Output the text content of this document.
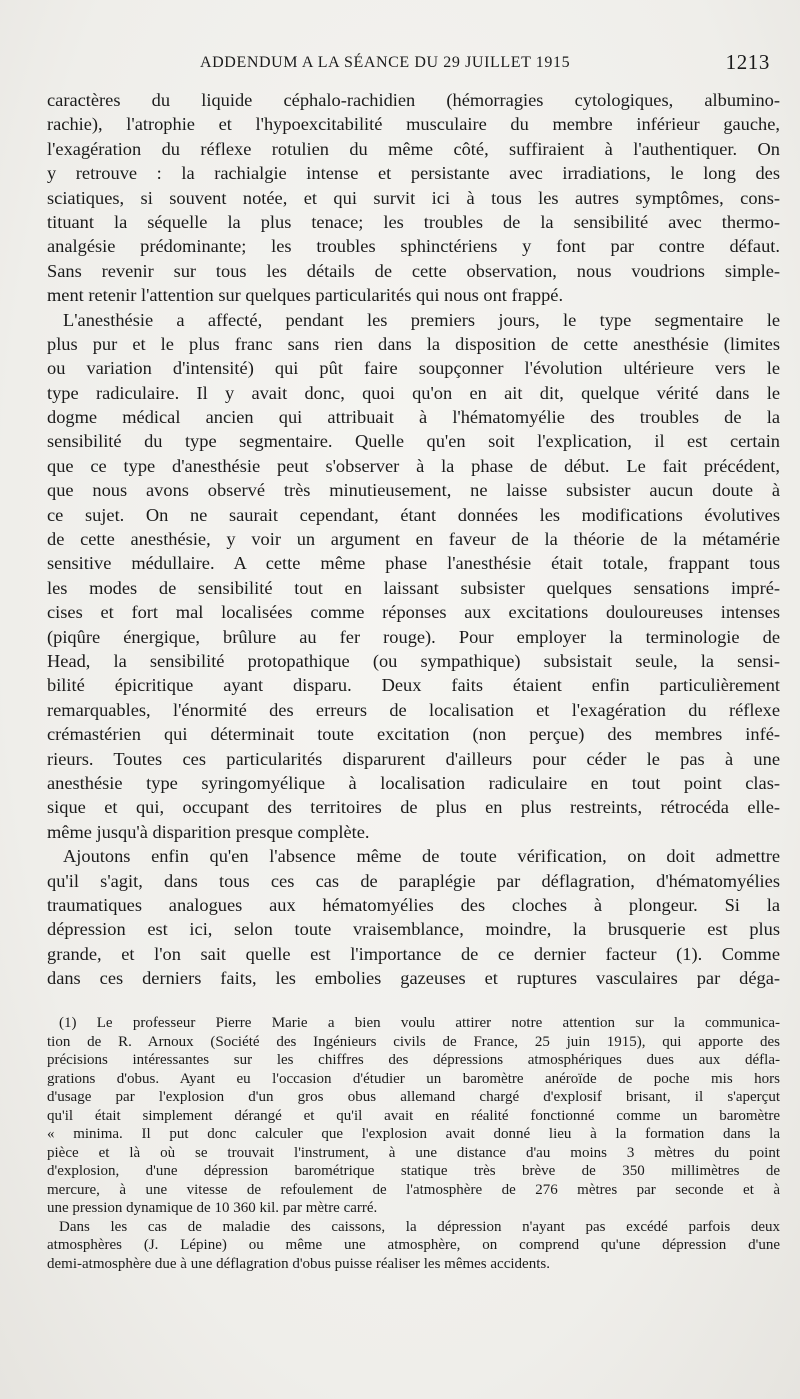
ADDENDUM A LA SÉANCE DU 29 JUILLET 1915	1213
caractères du liquide céphalo-rachidien (hémorragies cytologiques, albumino-
rachie), l'atrophie et l'hypoexcitabilité musculaire du membre inférieur gauche,
l'exagération du réflexe rotulien du même côté, suffiraient à l'authentiquer. On
y retrouve : la rachialgie intense et persistante avec irradiations, le long des
sciatiques, si souvent notée, et qui survit ici à tous les autres symptômes, cons-
tituant la séquelle la plus tenace; les troubles de la sensibilité avec thermo-
analgésie prédominante; les troubles sphinctériens y font par contre défaut.
Sans revenir sur tous les détails de cette observation, nous voudrions simple-
ment retenir l'attention sur quelques particularités qui nous ont frappé.
L'anesthésie a affecté, pendant les premiers jours, le type segmentaire le
plus pur et le plus franc sans rien dans la disposition de cette anesthésie (limites
ou variation d'intensité) qui pût faire soupçonner l'évolution ultérieure vers le
type radiculaire. Il y avait donc, quoi qu'on en ait dit, quelque vérité dans le
dogme médical ancien qui attribuait à l'hématomyélie des troubles de la
sensibilité du type segmentaire. Quelle qu'en soit l'explication, il est certain
que ce type d'anesthésie peut s'observer à la phase de début. Le fait précédent,
que nous avons observé très minutieusement, ne laisse subsister aucun doute à
ce sujet. On ne saurait cependant, étant données les modifications évolutives
de cette anesthésie, y voir un argument en faveur de la théorie de la métamérie
sensitive médullaire. A cette même phase l'anesthésie était totale, frappant tous
les modes de sensibilité tout en laissant subsister quelques sensations impré-
cises et fort mal localisées comme réponses aux excitations douloureuses intenses
(piqûre énergique, brûlure au fer rouge). Pour employer la terminologie de
Head, la sensibilité protopathique (ou sympathique) subsistait seule, la sensi-
bilité épicritique ayant disparu. Deux faits étaient enfin particulièrement
remarquables, l'énormité des erreurs de localisation et l'exagération du réflexe
crémastérien qui déterminait toute excitation (non perçue) des membres infé-
rieurs. Toutes ces particularités disparurent d'ailleurs pour céder le pas à une
anesthésie type syringomyélique à localisation radiculaire en tout point clas-
sique et qui, occupant des territoires de plus en plus restreints, rétrocéda elle-
même jusqu'à disparition presque complète.
Ajoutons enfin qu'en l'absence même de toute vérification, on doit admettre
qu'il s'agit, dans tous ces cas de paraplégie par déflagration, d'hématomyélies
traumatiques analogues aux hématomyélies des cloches à plongeur. Si la
dépression est ici, selon toute vraisemblance, moindre, la brusquerie est plus
grande, et l'on sait quelle est l'importance de ce dernier facteur (1). Comme
dans ces derniers faits, les embolies gazeuses et ruptures vasculaires par déga-
(1) Le professeur Pierre Marie a bien voulu attirer notre attention sur la communica-
tion de R. Arnoux (Société des Ingénieurs civils de France, 25 juin 1915), qui apporte des
précisions intéressantes sur les chiffres des dépressions atmosphériques dues aux défla-
grations d'obus. Ayant eu l'occasion d'étudier un baromètre anéroïde de poche mis hors
d'usage par l'explosion d'un gros obus allemand chargé d'explosif brisant, il s'aperçut
qu'il était simplement dérangé et qu'il avait en réalité fonctionné comme un baromètre
« minima. Il put donc calculer que l'explosion avait donné lieu à la formation dans la
pièce et là où se trouvait l'instrument, à une distance d'au moins 3 mètres du point
d'explosion, d'une dépression barométrique statique très brève de 350 millimètres de
mercure, à une vitesse de refoulement de l'atmosphère de 276 mètres par seconde et à
une pression dynamique de 10 360 kil. par mètre carré.
Dans les cas de maladie des caissons, la dépression n'ayant pas excédé parfois deux
atmosphères (J. Lépine) ou même une atmosphère, on comprend qu'une dépression d'une
demi-atmosphère due à une déflagration d'obus puisse réaliser les mêmes accidents.
